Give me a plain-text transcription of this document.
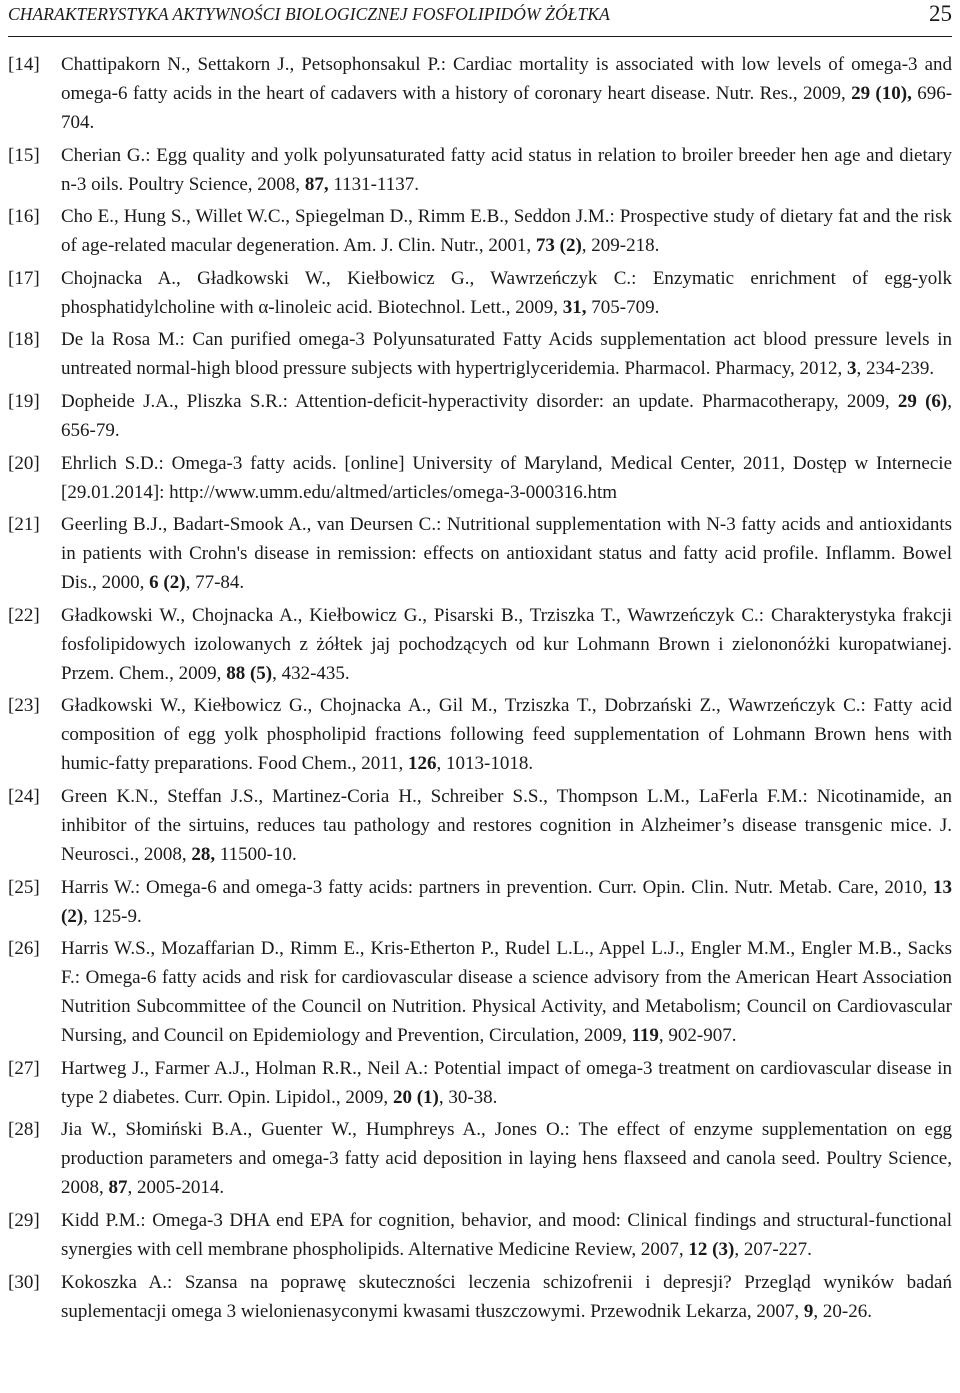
CHARAKTERYSTYKA AKTYWNOŚCI BIOLOGICZNEJ FOSFOLIPIDÓW ŻÓŁTKA	25
[14] Chattipakorn N., Settakorn J., Petsophonsakul P.: Cardiac mortality is associated with low levels of omega-3 and omega-6 fatty acids in the heart of cadavers with a history of coronary heart disease. Nutr. Res., 2009, 29 (10), 696-704.
[15] Cherian G.: Egg quality and yolk polyunsaturated fatty acid status in relation to broiler breeder hen age and dietary n-3 oils. Poultry Science, 2008, 87, 1131-1137.
[16] Cho E., Hung S., Willet W.C., Spiegelman D., Rimm E.B., Seddon J.M.: Prospective study of dietary fat and the risk of age-related macular degeneration. Am. J. Clin. Nutr., 2001, 73 (2), 209-218.
[17] Chojnacka A., Gładkowski W., Kiełbowicz G., Wawrzeńczyk C.: Enzymatic enrichment of egg-yolk phosphatidylcholine with α-linoleic acid. Biotechnol. Lett., 2009, 31, 705-709.
[18] De la Rosa M.: Can purified omega-3 Polyunsaturated Fatty Acids supplementation act blood pressure levels in untreated normal-high blood pressure subjects with hypertriglyceridemia. Pharmacol. Pharmacy, 2012, 3, 234-239.
[19] Dopheide J.A., Pliszka S.R.: Attention-deficit-hyperactivity disorder: an update. Pharmacotherapy, 2009, 29 (6), 656-79.
[20] Ehrlich S.D.: Omega-3 fatty acids. [online] University of Maryland, Medical Center, 2011, Dostęp w Internecie [29.01.2014]: http://www.umm.edu/altmed/articles/omega-3-000316.htm
[21] Geerling B.J., Badart-Smook A., van Deursen C.: Nutritional supplementation with N-3 fatty acids and antioxidants in patients with Crohn's disease in remission: effects on antioxidant status and fatty acid profile. Inflamm. Bowel Dis., 2000, 6 (2), 77-84.
[22] Gładkowski W., Chojnacka A., Kiełbowicz G., Pisarski B., Trziszka T., Wawrzeńczyk C.: Charakterystyka frakcji fosfolipidowych izolowanych z żółtek jaj pochodzących od kur Lohmann Brown i zielononóżki kuropatwianej. Przem. Chem., 2009, 88 (5), 432-435.
[23] Gładkowski W., Kiełbowicz G., Chojnacka A., Gil M., Trziszka T., Dobrzański Z., Wawrzeńczyk C.: Fatty acid composition of egg yolk phospholipid fractions following feed supplementation of Lohmann Brown hens with humic-fatty preparations. Food Chem., 2011, 126, 1013-1018.
[24] Green K.N., Steffan J.S., Martinez-Coria H., Schreiber S.S., Thompson L.M., LaFerla F.M.: Nicotinamide, an inhibitor of the sirtuins, reduces tau pathology and restores cognition in Alzheimer’s disease transgenic mice. J. Neurosci., 2008, 28, 11500-10.
[25] Harris W.: Omega-6 and omega-3 fatty acids: partners in prevention. Curr. Opin. Clin. Nutr. Metab. Care, 2010, 13 (2), 125-9.
[26] Harris W.S., Mozaffarian D., Rimm E., Kris-Etherton P., Rudel L.L., Appel L.J., Engler M.M., Engler M.B., Sacks F.: Omega-6 fatty acids and risk for cardiovascular disease a science advisory from the American Heart Association Nutrition Subcommittee of the Council on Nutrition. Physical Activity, and Metabolism; Council on Cardiovascular Nursing, and Council on Epidemiology and Prevention, Circulation, 2009, 119, 902-907.
[27] Hartweg J., Farmer A.J., Holman R.R., Neil A.: Potential impact of omega-3 treatment on cardiovascular disease in type 2 diabetes. Curr. Opin. Lipidol., 2009, 20 (1), 30-38.
[28] Jia W., Słomiński B.A., Guenter W., Humphreys A., Jones O.: The effect of enzyme supplementation on egg production parameters and omega-3 fatty acid deposition in laying hens flaxseed and canola seed. Poultry Science, 2008, 87, 2005-2014.
[29] Kidd P.M.: Omega-3 DHA end EPA for cognition, behavior, and mood: Clinical findings and structural-functional synergies with cell membrane phospholipids. Alternative Medicine Review, 2007, 12 (3), 207-227.
[30] Kokoszka A.: Szansa na poprawę skuteczności leczenia schizofrenii i depresji? Przegląd wyników badań suplementacji omega 3 wielonienasyconymi kwasami tłuszczowymi. Przewodnik Lekarza, 2007, 9, 20-26.
